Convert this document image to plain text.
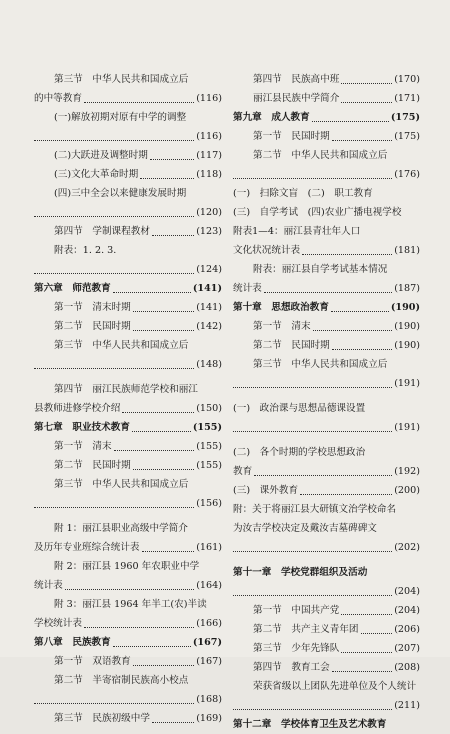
第三节　中华人民共和国成立后
的中等教育	(116)
(一)解放初期对原有中学的调整
(116)
(二)大跃进及调整时期	(117)
(三)文化大革命时期	(118)
(四)三中全会以来健康发展时期
(120)
第四节　学制课程教材	(123)
附表：1. 2. 3.
(124)
第六章　师范教育	(141)
第一节　清末时期	(141)
第二节　民国时期	(142)
第三节　中华人民共和国成立后
(148)
第四节　丽江民族师范学校和丽江
县教师进修学校介绍	(150)
第七章　职业技术教育	(155)
第一节　清末	(155)
第二节　民国时期	(155)
第三节　中华人民共和国成立后
(156)
附 1：丽江县职业高级中学简介
及历年专业班综合统计表	(161)
附 2：丽江县 1960 年农职业中学
统计表	(164)
附 3：丽江县 1964 年半工(农)半读
学校统计表	(166)
第八章　民族教育	(167)
第一节　双语教育	(167)
第二节　半寄宿制民族高小校点
(168)
第三节　民族初级中学	(169)
第四节　民族高中班	(170)
丽江县民族中学简介	(171)
第九章　成人教育	(175)
第一节　民国时期	(175)
第二节　中华人民共和国成立后
(176)
(一)　扫除文盲　(二)　职工教育
(三)　自学考试　(四)农业广播电视学校
附表1—4：丽江县青壮年人口
文化状况统计表	(181)
附表：丽江县自学考试基本情况
统计表	(187)
第十章　思想政治教育	(190)
第一节　清末	(190)
第二节　民国时期	(190)
第三节　中华人民共和国成立后
(191)
(一)　政治课与思想品德课设置
(191)
(二)　各个时期的学校思想政治
教育	(192)
(三)　课外教育	(200)
附：关于将丽江县大研镇文治学校命名
为汝吉学校决定及戴汝吉墓碑碑文
(202)
第十一章　学校党群组织及活动
(204)
第一节　中国共产党	(204)
第二节　共产主义青年团	(206)
第三节　少年先锋队	(207)
第四节　教育工会	(208)
荣获省级以上团队先进单位及个人统计
(211)
第十二章　学校体育卫生及艺术教育
